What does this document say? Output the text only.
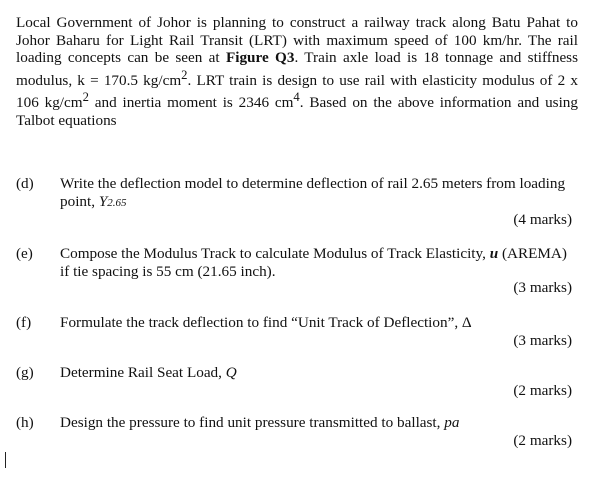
Local Government of Johor is planning to construct a railway track along Batu Pahat to Johor Baharu for Light Rail Transit (LRT) with maximum speed of 100 km/hr. The rail loading concepts can be seen at Figure Q3. Train axle load is 18 tonnage and stiffness modulus, k = 170.5 $kg/cm^2$. LRT train is design to use rail with elasticity modulus of 2 x 106 $kg/cm^2$ and inertia moment is 2346 $cm^4$. Based on the above information and using Talbot equations
(d) Write the deflection model to determine deflection of rail 2.65 meters from loading point, Y2.65
(4 marks)
(e) Compose the Modulus Track to calculate Modulus of Track Elasticity, u (AREMA) if tie spacing is 55 cm (21.65 inch).
(3 marks)
(f) Formulate the track deflection to find “Unit Track of Deflection”, Δ
(3 marks)
(g) Determine Rail Seat Load, Q
(2 marks)
(h) Design the pressure to find unit pressure transmitted to ballast, pa
(2 marks)
